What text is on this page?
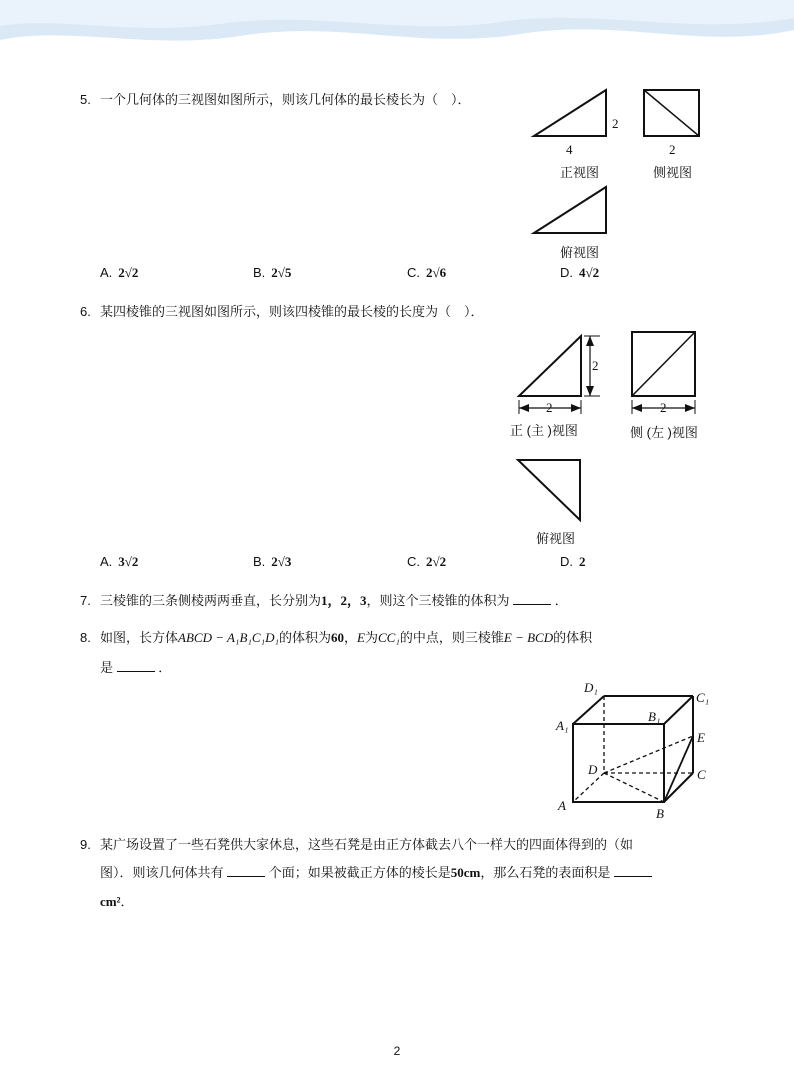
5. 一个几何体的三视图如图所示，则该几何体的最长棱长为（　）．
2
4	2
正视图	侧视图
俯视图
A. 2√2	B. 2√5	C. 2√6	D. 4√2
6. 某四棱锥的三视图如图所示，则该四棱锥的最长棱的长度为（　）．
2
2	2
正 (主 )视图	侧 (左 )视图
俯视图
A. 3√2	B. 2√3	C. 2√2	D. 2
7. 三棱锥的三条侧棱两两垂直，长分别为1，2，3，则这个三棱锥的体积为	．
8. 如图，长方体ABCD − A₁B₁C₁D₁的体积为60，E为CC₁的中点，则三棱锥E − BCD的体积
是	．
D₁
C₁
A₁
B₁
E
D	C
A
B
9. 某广场设置了一些石凳供大家休息，这些石凳是由正方体截去八个一样大的四面体得到的（如
图）．则该几何体共有	个面；如果被截正方体的棱长是50cm，那么石凳的表面积是
cm²．
2
